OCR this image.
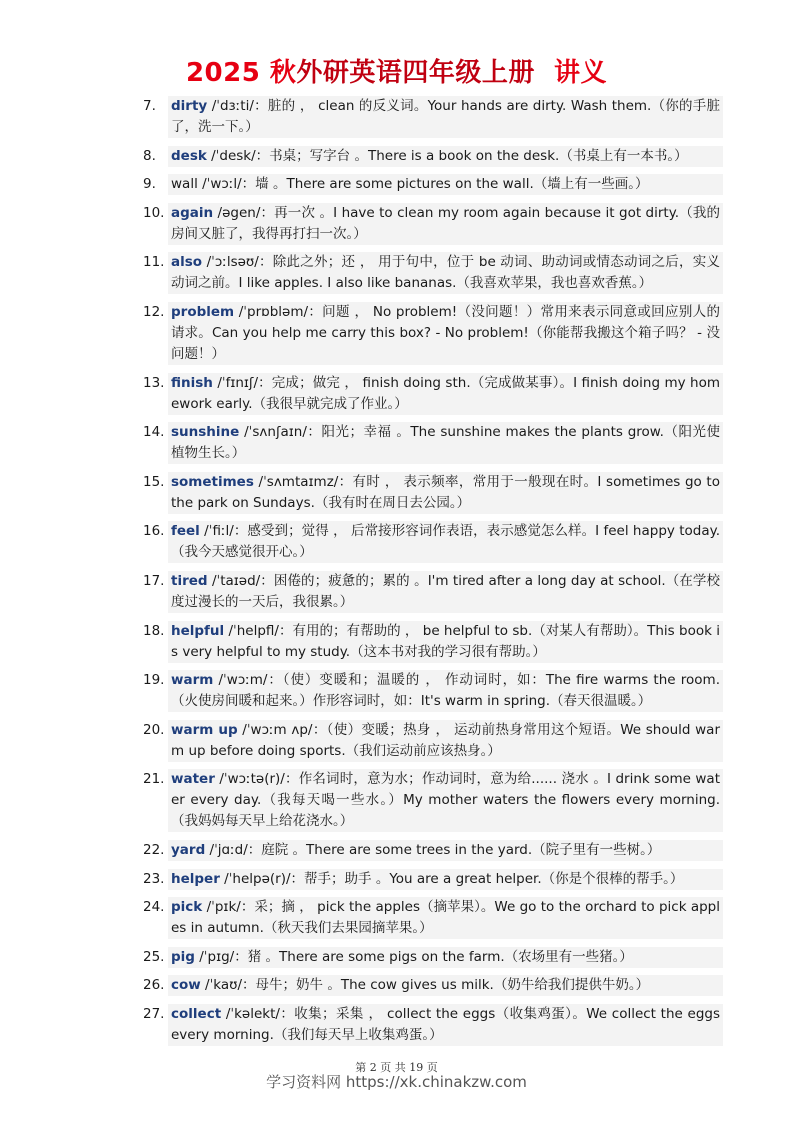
2025 秋外研英语四年级上册 讲义
7.	dirty /ˈdɜːti/：脏的 ， clean 的反义词。Your hands are dirty. Wash them.（你的手脏了，洗一下。）
8.	desk /ˈdesk/：书桌；写字台 。There is a book on the desk.（书桌上有一本书。）
9.	wall /ˈwɔːl/：墙 。There are some pictures on the wall.（墙上有一些画。）
10. again /əgen/：再一次 。I have to clean my room again because it got dirty.（我的房间又脏了，我得再打扫一次。）
11. also /ˈɔːlsəʊ/：除此之外；还 ， 用于句中，位于 be 动词、助动词或情态动词之后，实义动词之前。I like apples. I also like bananas.（我喜欢苹果，我也喜欢香蕉。）
12. problem /ˈprɒbləm/：问题 ， No problem!（没问题！）常用来表示同意或回应别人的请求。Can you help me carry this box? - No problem!（你能帮我搬这个箱子吗？ - 没问题！）
13. finish /ˈfɪnɪʃ/：完成；做完 ， finish doing sth.（完成做某事）。I finish doing my homework early.（我很早就完成了作业。）
14. sunshine /ˈsʌnʃaɪn/：阳光；幸福 。The sunshine makes the plants grow.（阳光使植物生长。）
15. sometimes /ˈsʌmtaɪmz/：有时 ， 表示频率，常用于一般现在时。I sometimes go to the park on Sundays.（我有时在周日去公园。）
16. feel /ˈfiːl/：感受到；觉得 ， 后常接形容词作表语，表示感觉怎么样。I feel happy today.（我今天感觉很开心。）
17. tired /ˈtaɪəd/：困倦的；疲惫的；累的 。I'm tired after a long day at school.（在学校度过漫长的一天后，我很累。）
18. helpful /ˈhelpfl/：有用的；有帮助的 ， be helpful to sb.（对某人有帮助）。This book is very helpful to my study.（这本书对我的学习很有帮助。）
19. warm /ˈwɔːm/：（使）变暖和；温暖的 ， 作动词时，如：The fire warms the room.（火使房间暖和起来。）作形容词时，如：It's warm in spring.（春天很温暖。）
20. warm up /ˈwɔːm ʌp/：（使）变暖；热身 ， 运动前热身常用这个短语。We should warm up before doing sports.（我们运动前应该热身。）
21. water /ˈwɔːtə(r)/：作名词时，意为水；作动词时，意为给...... 浇水 。I drink some water every day.（我每天喝一些水。）My mother waters the flowers every morning.（我妈妈每天早上给花浇水。）
22. yard /ˈjɑːd/：庭院 。There are some trees in the yard.（院子里有一些树。）
23. helper /ˈhelpə(r)/：帮手；助手 。You are a great helper.（你是个很棒的帮手。）
24. pick /ˈpɪk/：采；摘 ， pick the apples（摘苹果）。We go to the orchard to pick apples in autumn.（秋天我们去果园摘苹果。）
25. pig /ˈpɪg/：猪 。There are some pigs on the farm.（农场里有一些猪。）
26. cow /ˈkaʊ/：母牛；奶牛 。The cow gives us milk.（奶牛给我们提供牛奶。）
27. collect /ˈkəlekt/：收集；采集 ， collect the eggs（收集鸡蛋）。We collect the eggs every morning.（我们每天早上收集鸡蛋。）
第 2 页 共 19 页
学习资料网 https://xk.chinakzw.com
